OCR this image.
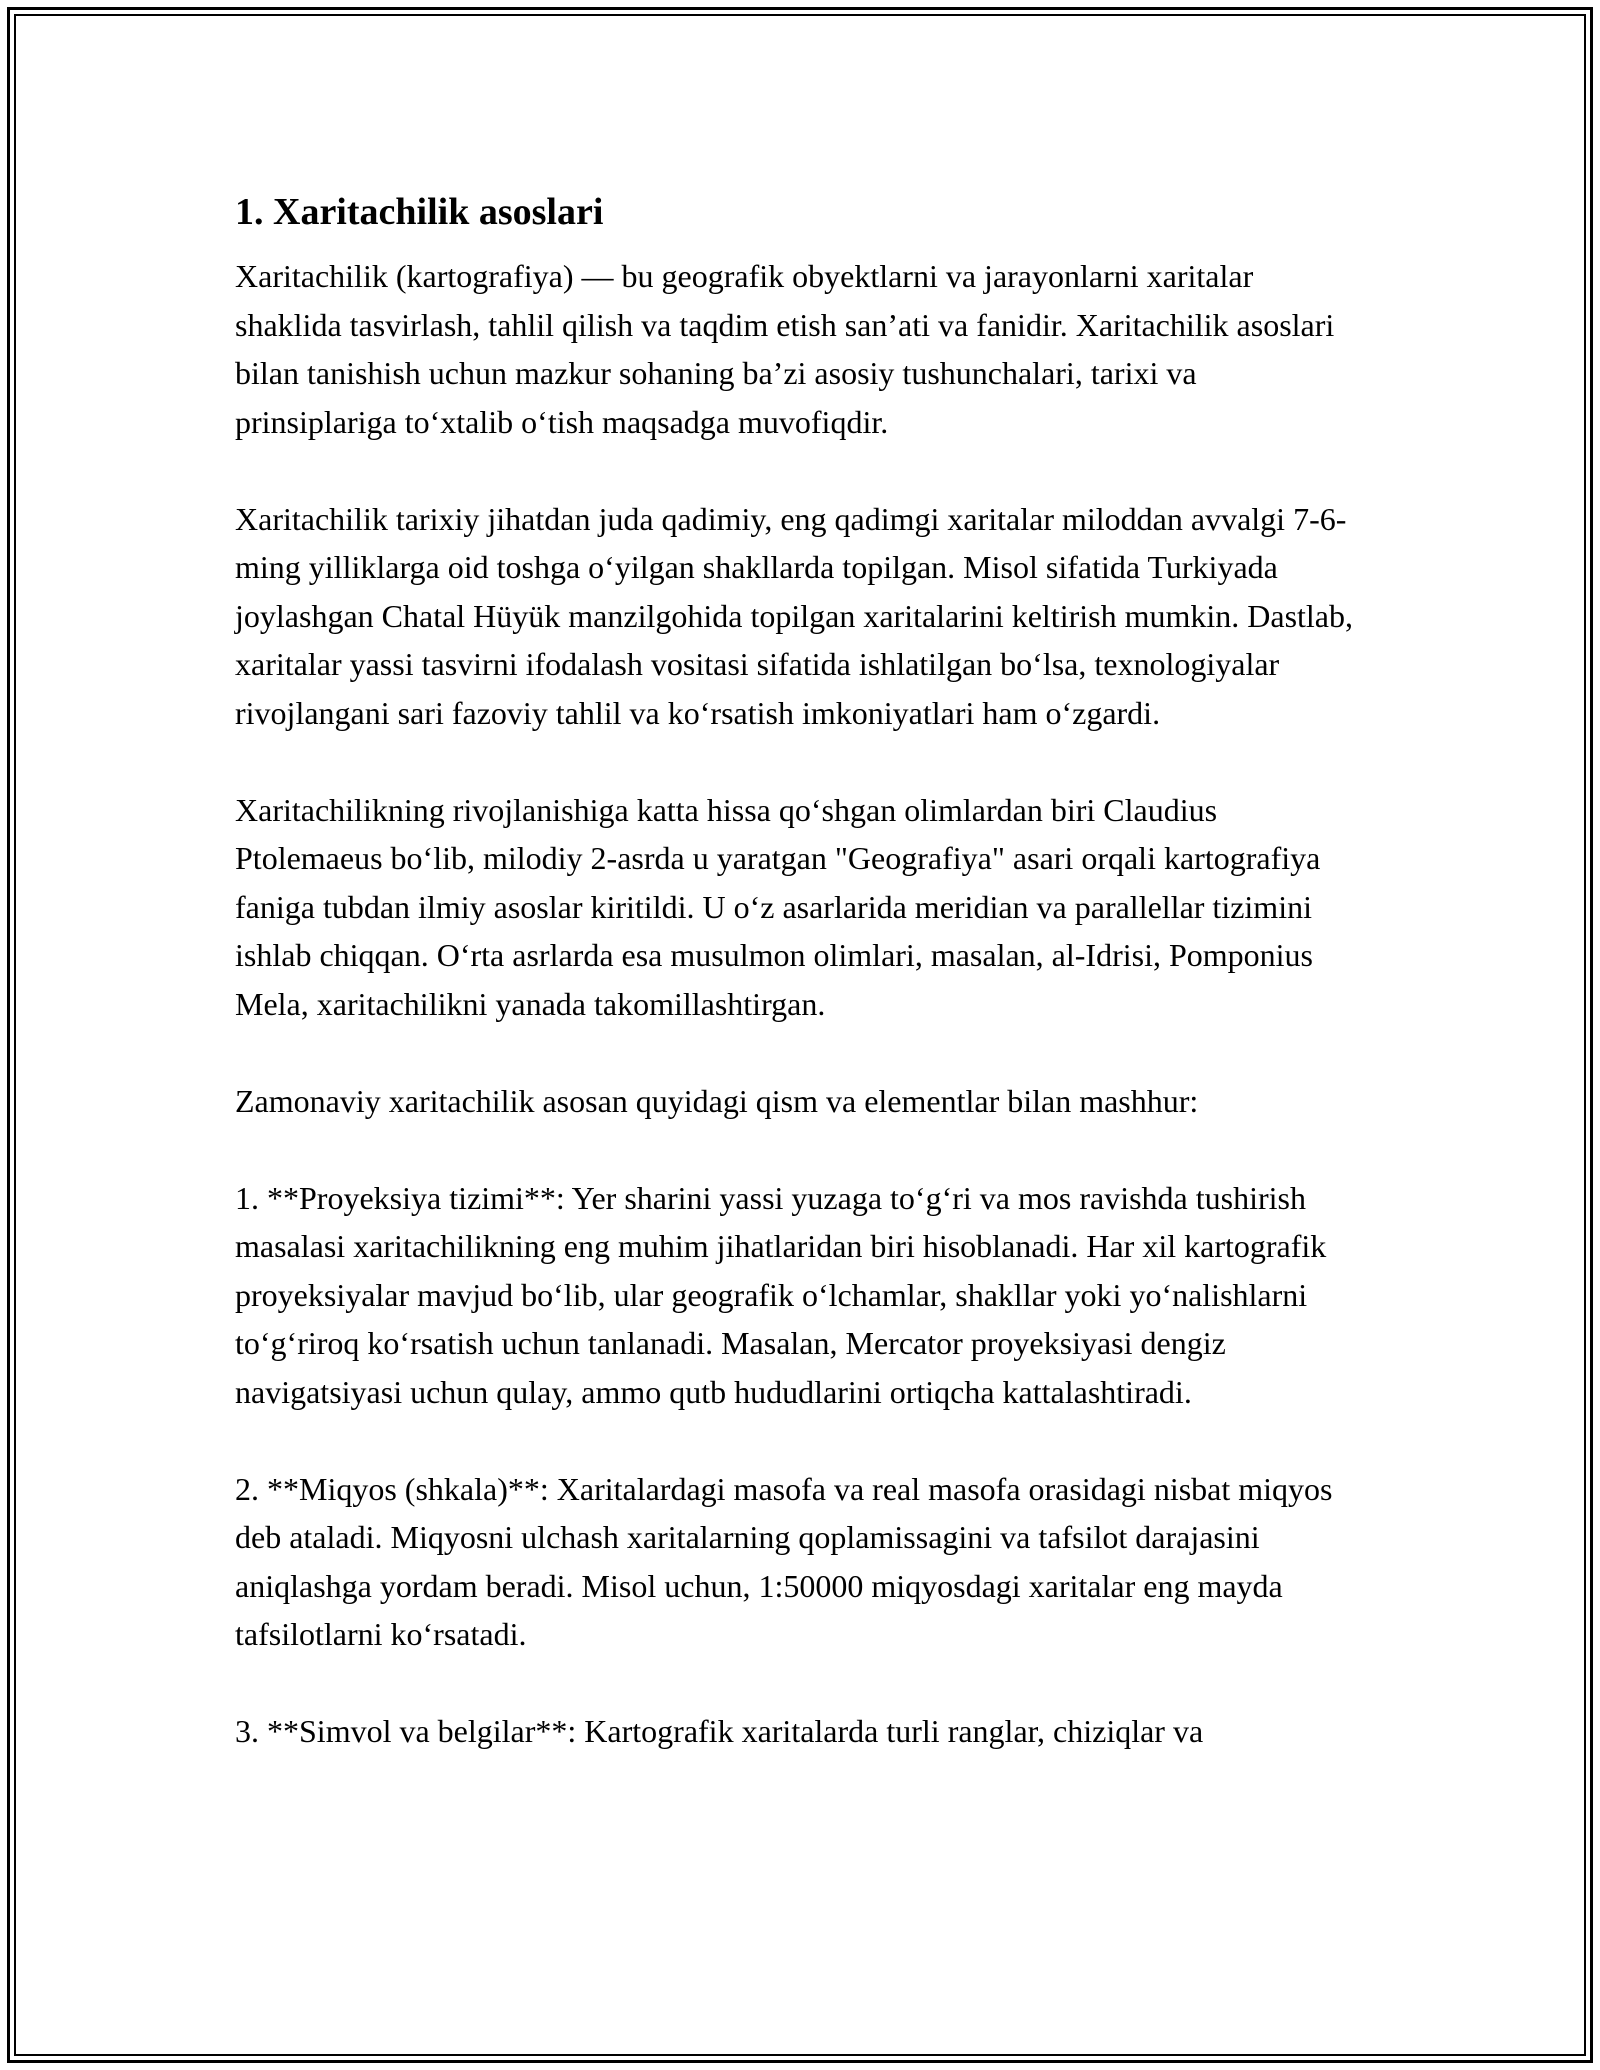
1. Xaritachilik asoslari

Xaritachilik (kartografiya) — bu geografik obyektlarni va jarayonlarni xaritalar shaklida tasvirlash, tahlil qilish va taqdim etish san’ati va fanidir. Xaritachilik asoslari bilan tanishish uchun mazkur sohaning ba’zi asosiy tushunchalari, tarixi va prinsiplariga to‘xtalib o‘tish maqsadga muvofiqdir.

Xaritachilik tarixiy jihatdan juda qadimiy, eng qadimgi xaritalar miloddan avvalgi 7-6-ming yilliklarga oid toshga o‘yilgan shakllarda topilgan. Misol sifatida Turkiyada joylashgan Chatal Hüyük manzilgohida topilgan xaritalarini keltirish mumkin. Dastlab, xaritalar yassi tasvirni ifodalash vositasi sifatida ishlatilgan bo‘lsa, texnologiyalar rivojlangani sari fazoviy tahlil va ko‘rsatish imkoniyatlari ham o‘zgardi.

Xaritachilikning rivojlanishiga katta hissa qo‘shgan olimlardan biri Claudius Ptolemaeus bo‘lib, milodiy 2-asrda u yaratgan "Geografiya" asari orqali kartografiya faniga tubdan ilmiy asoslar kiritildi. U o‘z asarlarida meridian va parallellar tizimini ishlab chiqqan. O‘rta asrlarda esa musulmon olimlari, masalan, al-Idrisi, Pomponius Mela, xaritachilikni yanada takomillashtirgan.

Zamonaviy xaritachilik asosan quyidagi qism va elementlar bilan mashhur:

1. **Proyeksiya tizimi**: Yer sharini yassi yuzaga to‘g‘ri va mos ravishda tushirish masalasi xaritachilikning eng muhim jihatlaridan biri hisoblanadi. Har xil kartografik proyeksiyalar mavjud bo‘lib, ular geografik o‘lchamlar, shakllar yoki yo‘nalishlarni to‘g‘riroq ko‘rsatish uchun tanlanadi. Masalan, Mercator proyeksiyasi dengiz navigatsiyasi uchun qulay, ammo qutb hududlarini ortiqcha kattalashtiradi.

2. **Miqyos (shkala)**: Xaritalardagi masofa va real masofa orasidagi nisbat miqyos deb ataladi. Miqyosni ulchash xaritalarning qoplamissagini va tafsilot darajasini aniqlashga yordam beradi. Misol uchun, 1:50000 miqyosdagi xaritalar eng mayda tafsilotlarni ko‘rsatadi.

3. **Simvol va belgilar**: Kartografik xaritalarda turli ranglar, chiziqlar va
